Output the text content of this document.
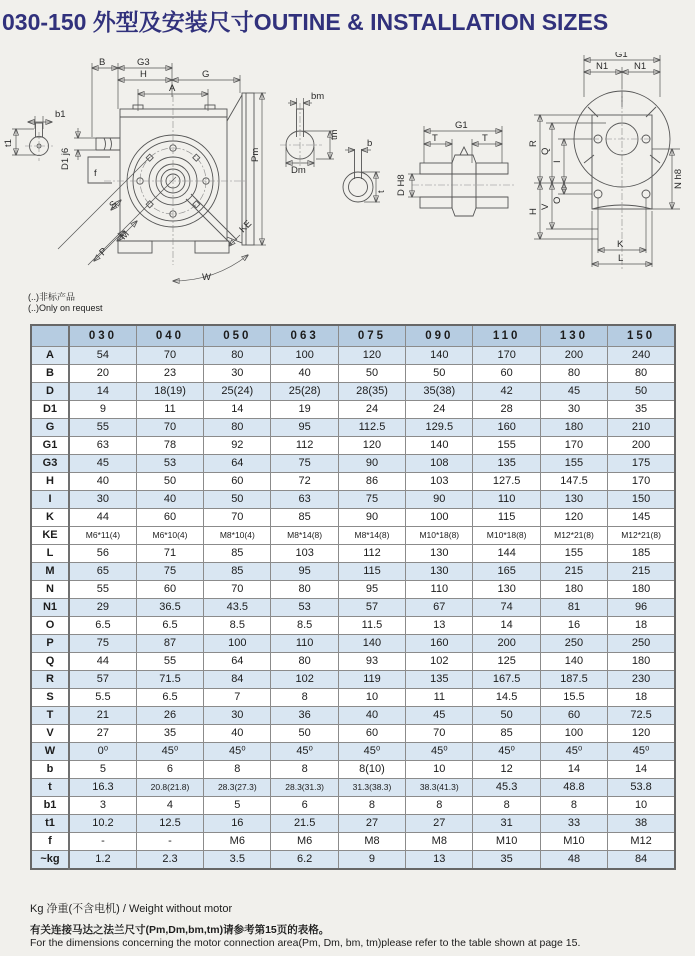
030-150 外型及安装尺寸OUTINE & INSTALLATION SIZES
b1
t1
B	G3
H	G
A
Pm
D1 j6
f
S
M
P
KE
W
bm
tm
Dm
b
t
G1
T	T
D H8
G1
N1	N1
R
Q
I
H
V
O
N h8
K
L
(..)非标产品
(..)Only on request
	030	040	050	063	075	090	110	130	150
A	54	70	80	100	120	140	170	200	240
B	20	23	30	40	50	50	60	80	80
D	14	18(19)	25(24)	25(28)	28(35)	35(38)	42	45	50
D1	9	11	14	19	24	24	28	30	35
G	55	70	80	95	112.5	129.5	160	180	210
G1	63	78	92	112	120	140	155	170	200
G3	45	53	64	75	90	108	135	155	175
H	40	50	60	72	86	103	127.5	147.5	170
I	30	40	50	63	75	90	110	130	150
K	44	60	70	85	90	100	115	120	145
KE	M6*11(4)	M6*10(4)	M8*10(4)	M8*14(8)	M8*14(8)	M10*18(8)	M10*18(8)	M12*21(8)	M12*21(8)
L	56	71	85	103	112	130	144	155	185
M	65	75	85	95	115	130	165	215	215
N	55	60	70	80	95	110	130	180	180
N1	29	36.5	43.5	53	57	67	74	81	96
O	6.5	6.5	8.5	8.5	11.5	13	14	16	18
P	75	87	100	110	140	160	200	250	250
Q	44	55	64	80	93	102	125	140	180
R	57	71.5	84	102	119	135	167.5	187.5	230
S	5.5	6.5	7	8	10	11	14.5	15.5	18
T	21	26	30	36	40	45	50	60	72.5
V	27	35	40	50	60	70	85	100	120
W	0⁰	45⁰	45⁰	45⁰	45⁰	45⁰	45⁰	45⁰	45⁰
b	5	6	8	8	8(10)	10	12	14	14
t	16.3	20.8(21.8)	28.3(27.3)	28.3(31.3)	31.3(38.3)	38.3(41.3)	45.3	48.8	53.8
b1	3	4	5	6	8	8	8	8	10
t1	10.2	12.5	16	21.5	27	27	31	33	38
f	-	-	M6	M6	M8	M8	M10	M10	M12
~kg	1.2	2.3	3.5	6.2	9	13	35	48	84
Kg 净重(不含电机) / Weight without motor
有关连接马达之法兰尺寸(Pm,Dm,bm,tm)请参考第15页的表格。
For the dimensions concerning the motor connection area(Pm, Dm, bm, tm)please refer to the table shown at page 15.
